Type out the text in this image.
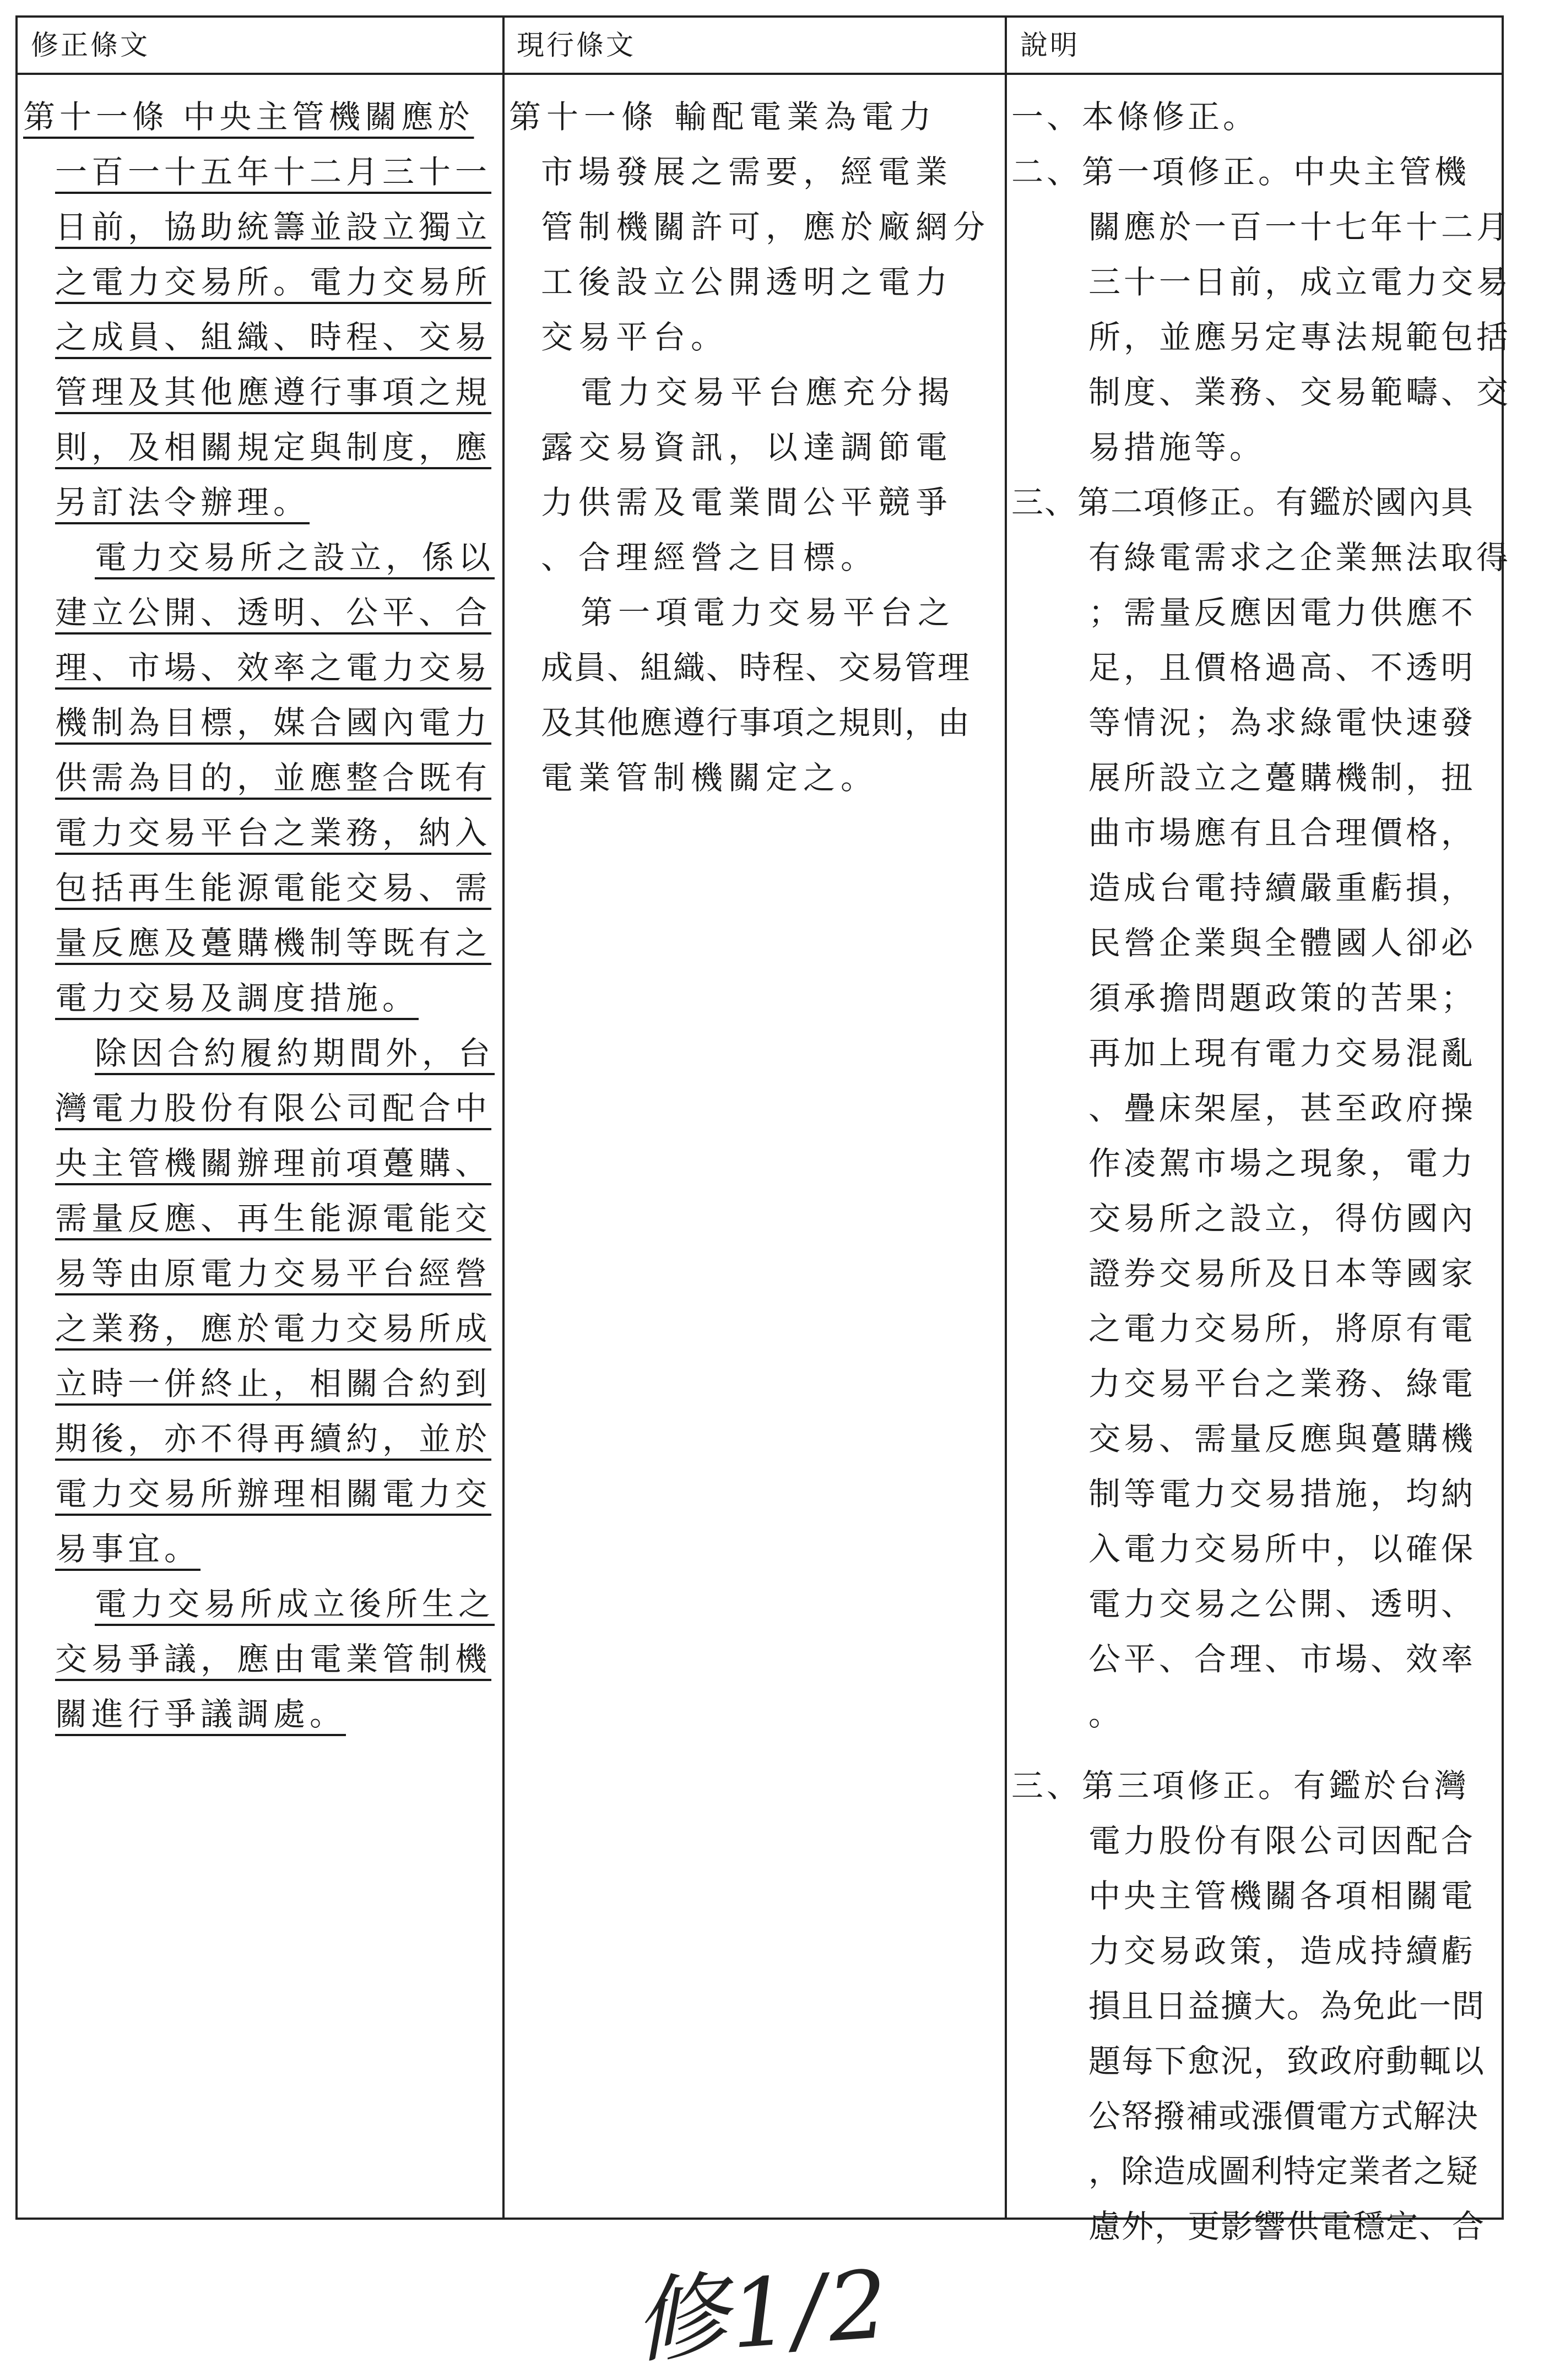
修正條文	現行條文	說明
第十一條 中央主管機關應於
一百一十五年十二月三十一
日前，協助統籌並設立獨立
之電力交易所。電力交易所
之成員、組織、時程、交易
管理及其他應遵行事項之規
則，及相關規定與制度，應
另訂法令辦理。
電力交易所之設立，係以
建立公開、透明、公平、合
理、市場、效率之電力交易
機制為目標，媒合國內電力
供需為目的，並應整合既有
電力交易平台之業務，納入
包括再生能源電能交易、需
量反應及躉購機制等既有之
電力交易及調度措施。
除因合約履約期間外，台
灣電力股份有限公司配合中
央主管機關辦理前項躉購、
需量反應、再生能源電能交
易等由原電力交易平台經營
之業務，應於電力交易所成
立時一併終止，相關合約到
期後，亦不得再續約，並於
電力交易所辦理相關電力交
易事宜。
電力交易所成立後所生之
交易爭議，應由電業管制機
關進行爭議調處。
第十一條 輸配電業為電力
市場發展之需要，經電業
管制機關許可，應於廠網分
工後設立公開透明之電力
交易平台。
電力交易平台應充分揭
露交易資訊，以達調節電
力供需及電業間公平競爭
、合理經營之目標。
第一項電力交易平台之
成員、組織、時程、交易管理
及其他應遵行事項之規則，由
電業管制機關定之。
一、本條修正。
二、第一項修正。中央主管機
關應於一百一十七年十二月
三十一日前，成立電力交易
所，並應另定專法規範包括
制度、業務、交易範疇、交
易措施等。
三、第二項修正。有鑑於國內具
有綠電需求之企業無法取得
；需量反應因電力供應不
足，且價格過高、不透明
等情況；為求綠電快速發
展所設立之躉購機制，扭
曲市場應有且合理價格，
造成台電持續嚴重虧損，
民營企業與全體國人卻必
須承擔問題政策的苦果；
再加上現有電力交易混亂
、疊床架屋，甚至政府操
作凌駕市場之現象，電力
交易所之設立，得仿國內
證券交易所及日本等國家
之電力交易所，將原有電
力交易平台之業務、綠電
交易、需量反應與躉購機
制等電力交易措施，均納
入電力交易所中，以確保
電力交易之公開、透明、
公平、合理、市場、效率
。
三、第三項修正。有鑑於台灣
電力股份有限公司因配合
中央主管機關各項相關電
力交易政策，造成持續虧
損且日益擴大。為免此一問
題每下愈況，致政府動輒以
公帑撥補或漲價電方式解決
，除造成圖利特定業者之疑
慮外，更影響供電穩定、合
修1/2
